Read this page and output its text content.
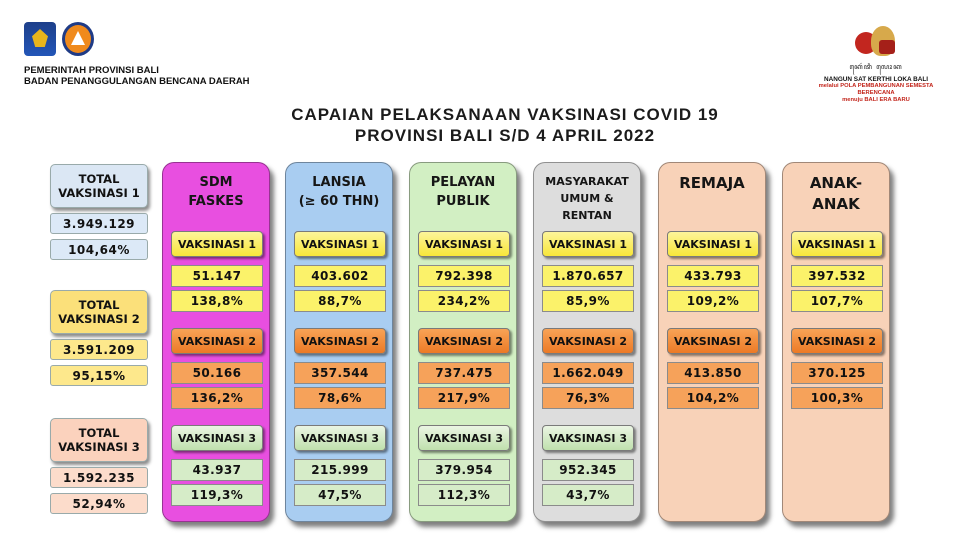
PEMERINTAH PROVINSI BALI
BADAN PENANGGULANGAN BENCANA DAERAH
ꦏꦺꦂꦠꦶ ꦭꦺꦴꦏ
NANGUN SAT KERTHI LOKA BALI
melalui POLA PEMBANGUNAN SEMESTA BERENCANA
menuju BALI ERA BARU
CAPAIAN PELAKSANAAN VAKSINASI COVID 19
PROVINSI BALI S/D 4 APRIL 2022
TOTAL
VAKSINASI 1
3.949.129
104,64%
TOTAL
VAKSINASI 2
3.591.209
95,15%
TOTAL
VAKSINASI 3
1.592.235
52,94%
SDM
FASKES
VAKSINASI 1
51.147
138,8%
VAKSINASI 2
50.166
136,2%
VAKSINASI 3
43.937
119,3%
LANSIA
(≥ 60 THN)
VAKSINASI 1
403.602
88,7%
VAKSINASI 2
357.544
78,6%
VAKSINASI 3
215.999
47,5%
PELAYAN
PUBLIK
VAKSINASI 1
792.398
234,2%
VAKSINASI 2
737.475
217,9%
VAKSINASI 3
379.954
112,3%
MASYARAKAT
UMUM &
RENTAN
VAKSINASI 1
1.870.657
85,9%
VAKSINASI 2
1.662.049
76,3%
VAKSINASI 3
952.345
43,7%
REMAJA
VAKSINASI 1
433.793
109,2%
VAKSINASI 2
413.850
104,2%
ANAK-
ANAK
VAKSINASI 1
397.532
107,7%
VAKSINASI 2
370.125
100,3%
